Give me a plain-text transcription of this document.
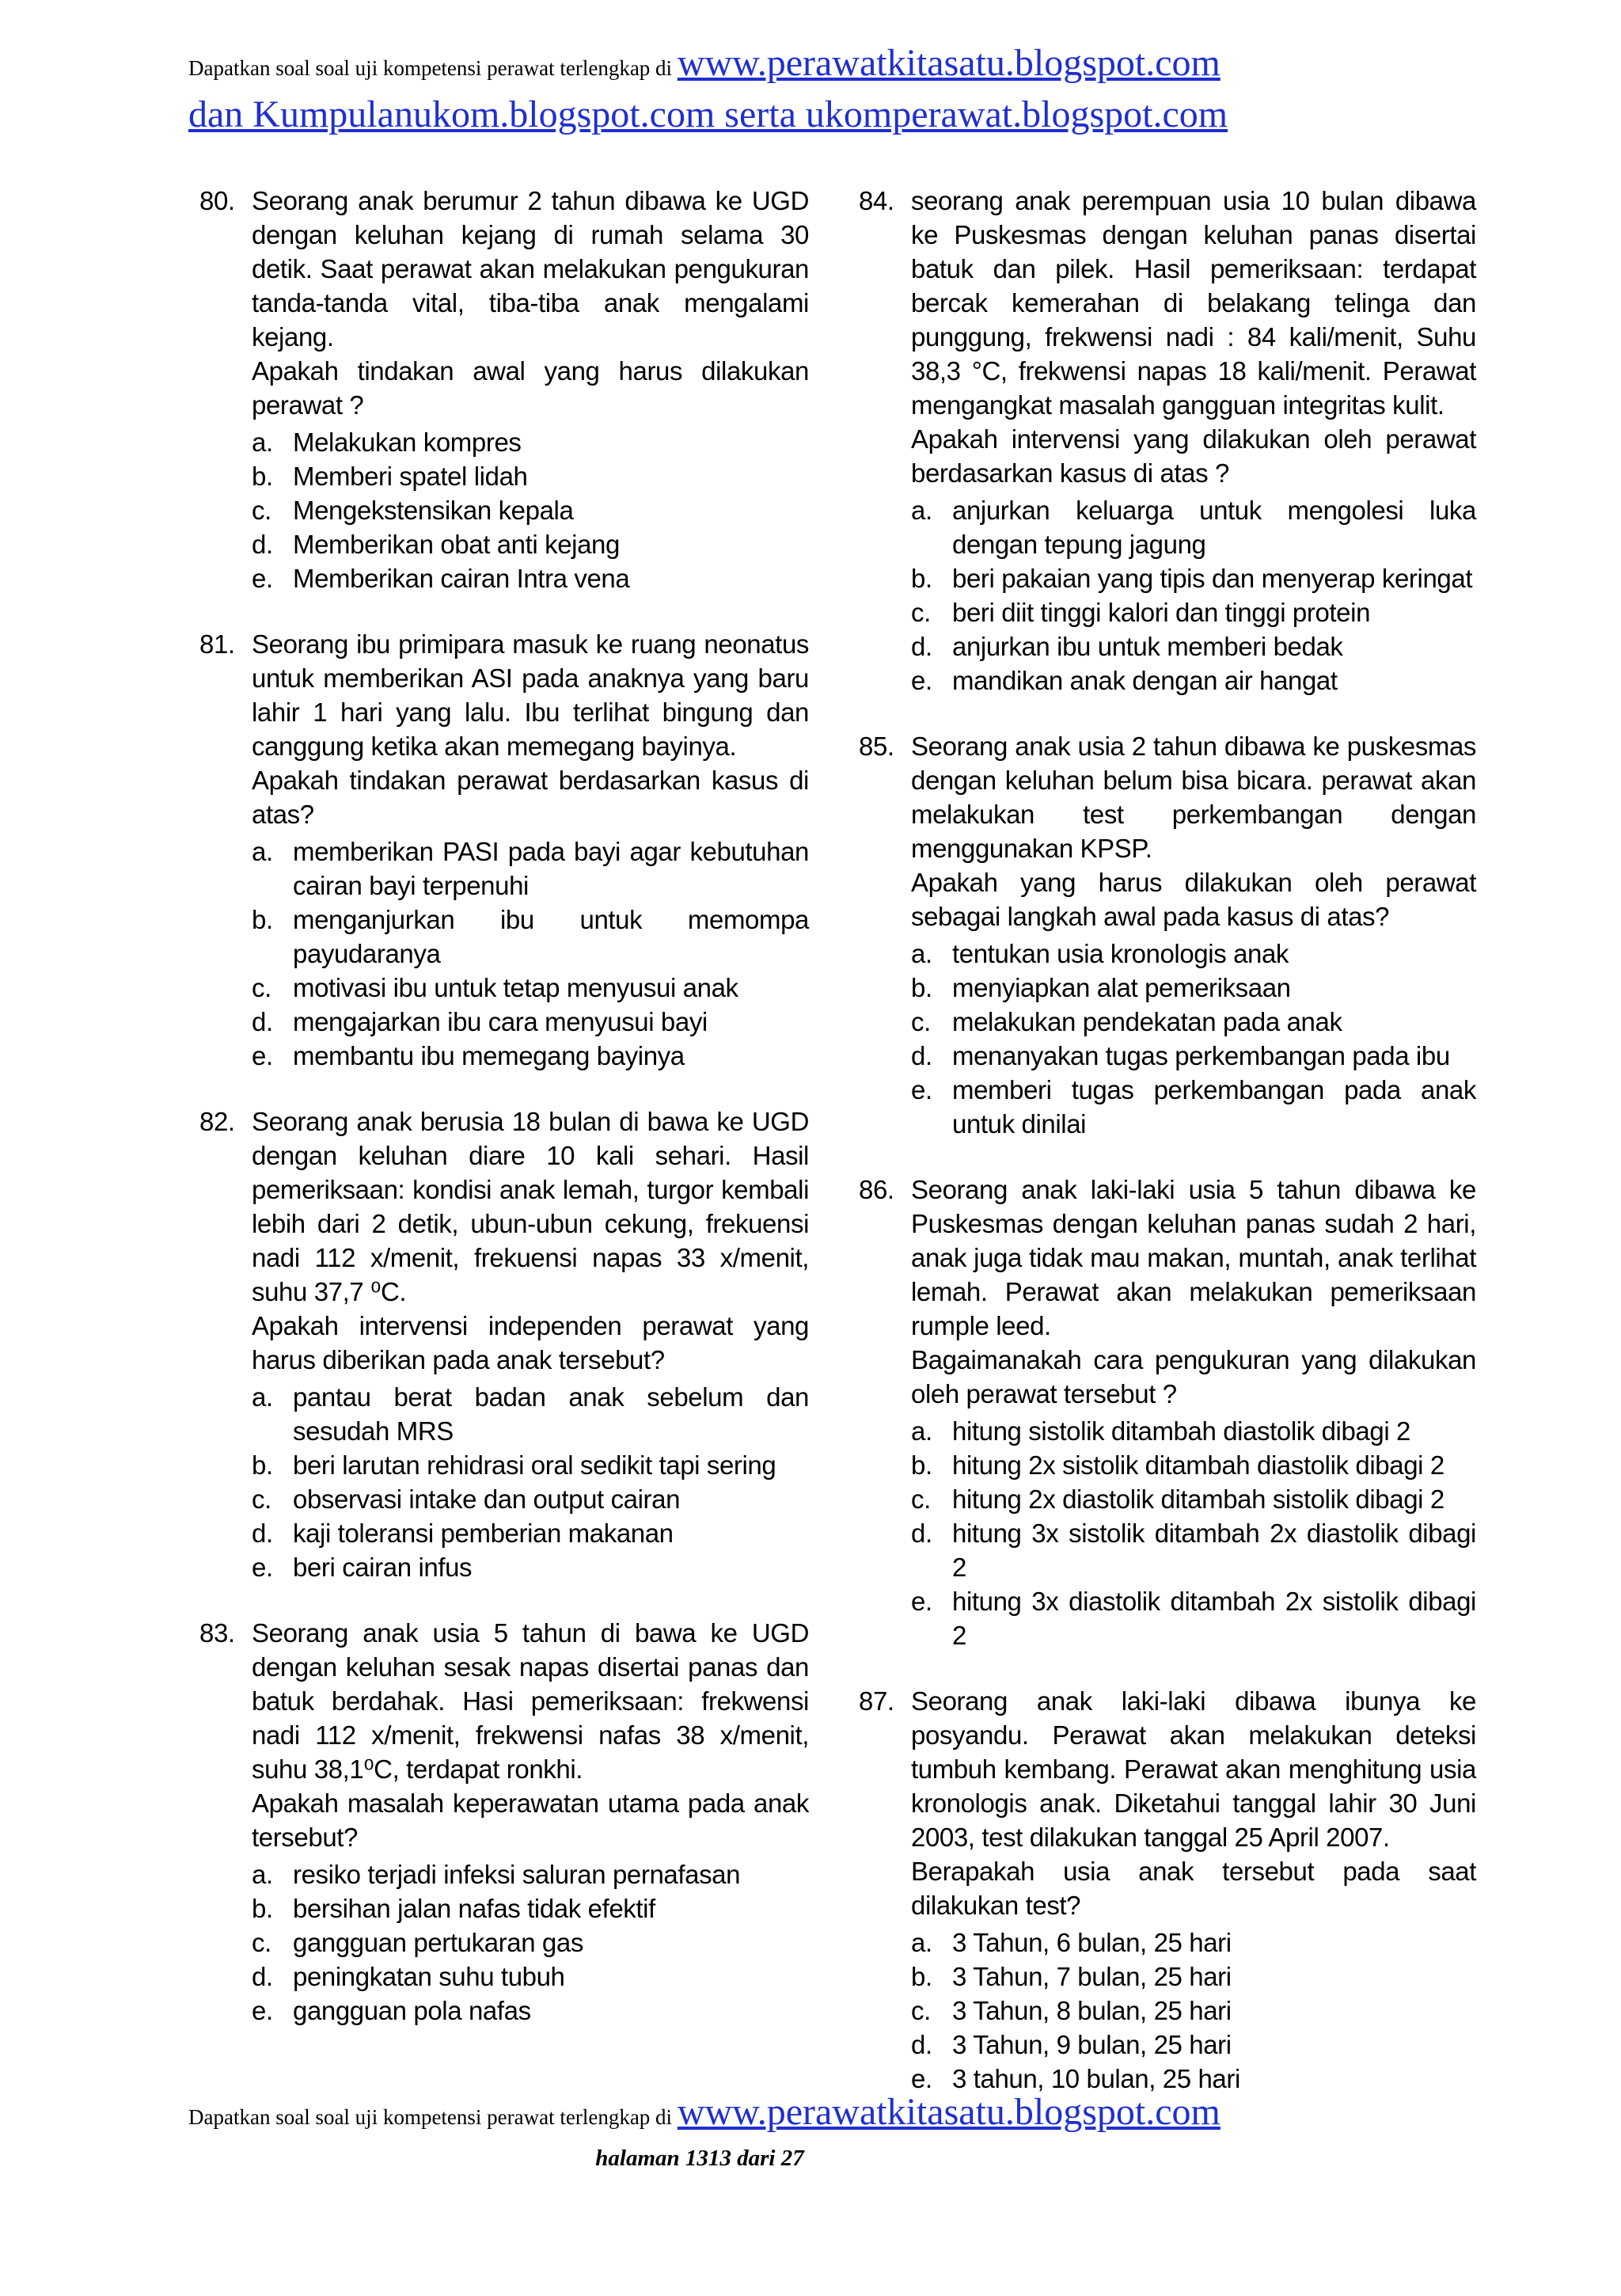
Dapatkan soal soal uji kompetensi perawat terlengkap di www.perawatkitasatu.blogspot.com
dan Kumpulanukom.blogspot.com serta ukomperawat.blogspot.com
80. Seorang anak berumur 2 tahun dibawa ke UGD dengan keluhan kejang di rumah selama 30 detik. Saat perawat akan melakukan pengukuran tanda-tanda vital, tiba-tiba anak mengalami kejang.

Apakah tindakan awal yang harus dilakukan perawat ?

a. Melakukan kompres
b. Memberi spatel lidah
c. Mengekstensikan kepala
d. Memberikan obat anti kejang
e. Memberikan cairan Intra vena
81. Seorang ibu primipara masuk ke ruang neonatus untuk memberikan ASI pada anaknya yang baru lahir 1 hari yang lalu. Ibu terlihat bingung dan canggung ketika akan memegang bayinya.

Apakah tindakan perawat berdasarkan kasus di atas?

a. memberikan PASI pada bayi agar kebutuhan cairan bayi terpenuhi
b. menganjurkan ibu untuk memompa payudaranya
c. motivasi ibu untuk tetap menyusui anak
d. mengajarkan ibu cara menyusui bayi
e. membantu ibu memegang bayinya
82. Seorang anak berusia 18 bulan di bawa ke UGD dengan keluhan diare 10 kali sehari. Hasil pemeriksaan: kondisi anak lemah, turgor kembali lebih dari 2 detik, ubun-ubun cekung, frekuensi nadi 112 x/menit, frekuensi napas 33 x/menit, suhu 37,7 ⁰C.

Apakah intervensi independen perawat yang harus diberikan pada anak tersebut?

a. pantau berat badan anak sebelum dan sesudah MRS
b. beri larutan rehidrasi oral sedikit tapi sering
c. observasi intake dan output cairan
d. kaji toleransi pemberian makanan
e. beri cairan infus
83. Seorang anak usia 5 tahun di bawa ke UGD dengan keluhan sesak napas disertai panas dan batuk berdahak. Hasi pemeriksaan: frekwensi nadi 112 x/menit, frekwensi nafas 38 x/menit, suhu 38,1⁰C, terdapat ronkhi.

Apakah masalah keperawatan utama pada anak tersebut?

a. resiko terjadi infeksi saluran pernafasan
b. bersihan jalan nafas tidak efektif
c. gangguan pertukaran gas
d. peningkatan suhu tubuh
e. gangguan pola nafas
84. seorang anak perempuan usia 10 bulan dibawa ke Puskesmas dengan keluhan panas disertai batuk dan pilek. Hasil pemeriksaan: terdapat bercak kemerahan di belakang telinga dan punggung, frekwensi nadi : 84 kali/menit, Suhu 38,3 °C, frekwensi napas 18 kali/menit. Perawat mengangkat masalah gangguan integritas kulit.

Apakah intervensi yang dilakukan oleh perawat berdasarkan kasus di atas ?

a. anjurkan keluarga untuk mengolesi luka dengan tepung jagung
b. beri pakaian yang tipis dan menyerap keringat
c. beri diit tinggi kalori dan tinggi protein
d. anjurkan ibu untuk memberi bedak
e. mandikan anak dengan air hangat
85. Seorang anak usia 2 tahun dibawa ke puskesmas dengan keluhan belum bisa bicara. perawat akan melakukan test perkembangan dengan menggunakan KPSP.

Apakah yang harus dilakukan oleh perawat sebagai langkah awal pada kasus di atas?

a. tentukan usia kronologis anak
b. menyiapkan alat pemeriksaan
c. melakukan pendekatan pada anak
d. menanyakan tugas perkembangan pada ibu
e. memberi tugas perkembangan pada anak untuk dinilai
86. Seorang anak laki-laki usia 5 tahun dibawa ke Puskesmas dengan keluhan panas sudah 2 hari, anak juga tidak mau makan, muntah, anak terlihat lemah. Perawat akan melakukan pemeriksaan rumple leed.

Bagaimanakah cara pengukuran yang dilakukan oleh perawat tersebut ?

a. hitung sistolik ditambah diastolik dibagi 2
b. hitung 2x sistolik ditambah diastolik dibagi 2
c. hitung 2x diastolik ditambah sistolik dibagi 2
d. hitung 3x sistolik ditambah 2x diastolik dibagi 2
e. hitung 3x diastolik ditambah 2x sistolik dibagi 2
87. Seorang anak laki-laki dibawa ibunya ke posyandu. Perawat akan melakukan deteksi tumbuh kembang. Perawat akan menghitung usia kronologis anak. Diketahui tanggal lahir 30 Juni 2003, test dilakukan tanggal 25 April 2007.

Berapakah usia anak tersebut pada saat dilakukan test?

a. 3 Tahun, 6 bulan, 25 hari
b. 3 Tahun, 7 bulan, 25 hari
c. 3 Tahun, 8 bulan, 25 hari
d. 3 Tahun, 9 bulan, 25 hari
e. 3 tahun, 10 bulan, 25 hari
Dapatkan soal soal uji kompetensi perawat terlengkap di www.perawatkitasatu.blogspot.com
halaman 1313 dari 27
